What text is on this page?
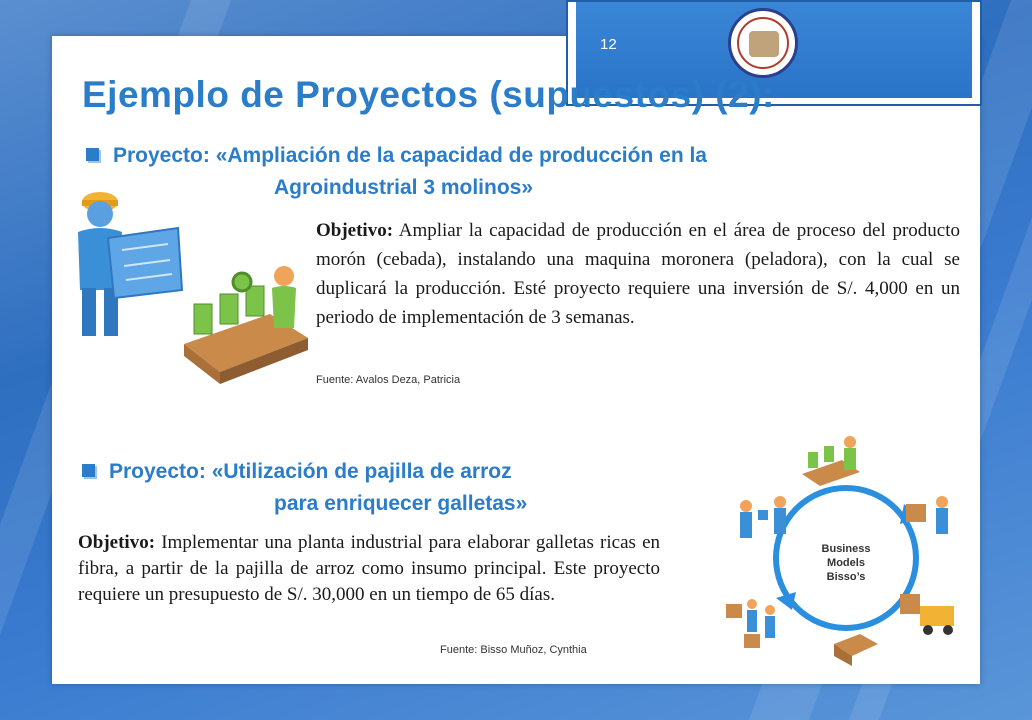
12
Ejemplo de Proyectos (supuestos) (2):
Proyecto: «Ampliación de la capacidad de producción en la
Agroindustrial 3 molinos»
Objetivo: Ampliar la capacidad de producción en el área de proceso del producto morón (cebada), instalando una maquina moronera (peladora), con la cual se duplicará la producción. Esté proyecto requiere una inversión de S/. 4,000 en un periodo de implementación de 3 semanas.
Fuente: Avalos Deza, Patricia
Proyecto: «Utilización de pajilla de arroz
para enriquecer galletas»
Objetivo: Implementar una planta industrial para elaborar galletas ricas en fibra, a partir de la pajilla de arroz como insumo principal. Este proyecto requiere un presupuesto de S/. 30,000 en un tiempo de 65 días.
Fuente: Bisso Muñoz, Cynthia
Business
Models
Bisso’s
